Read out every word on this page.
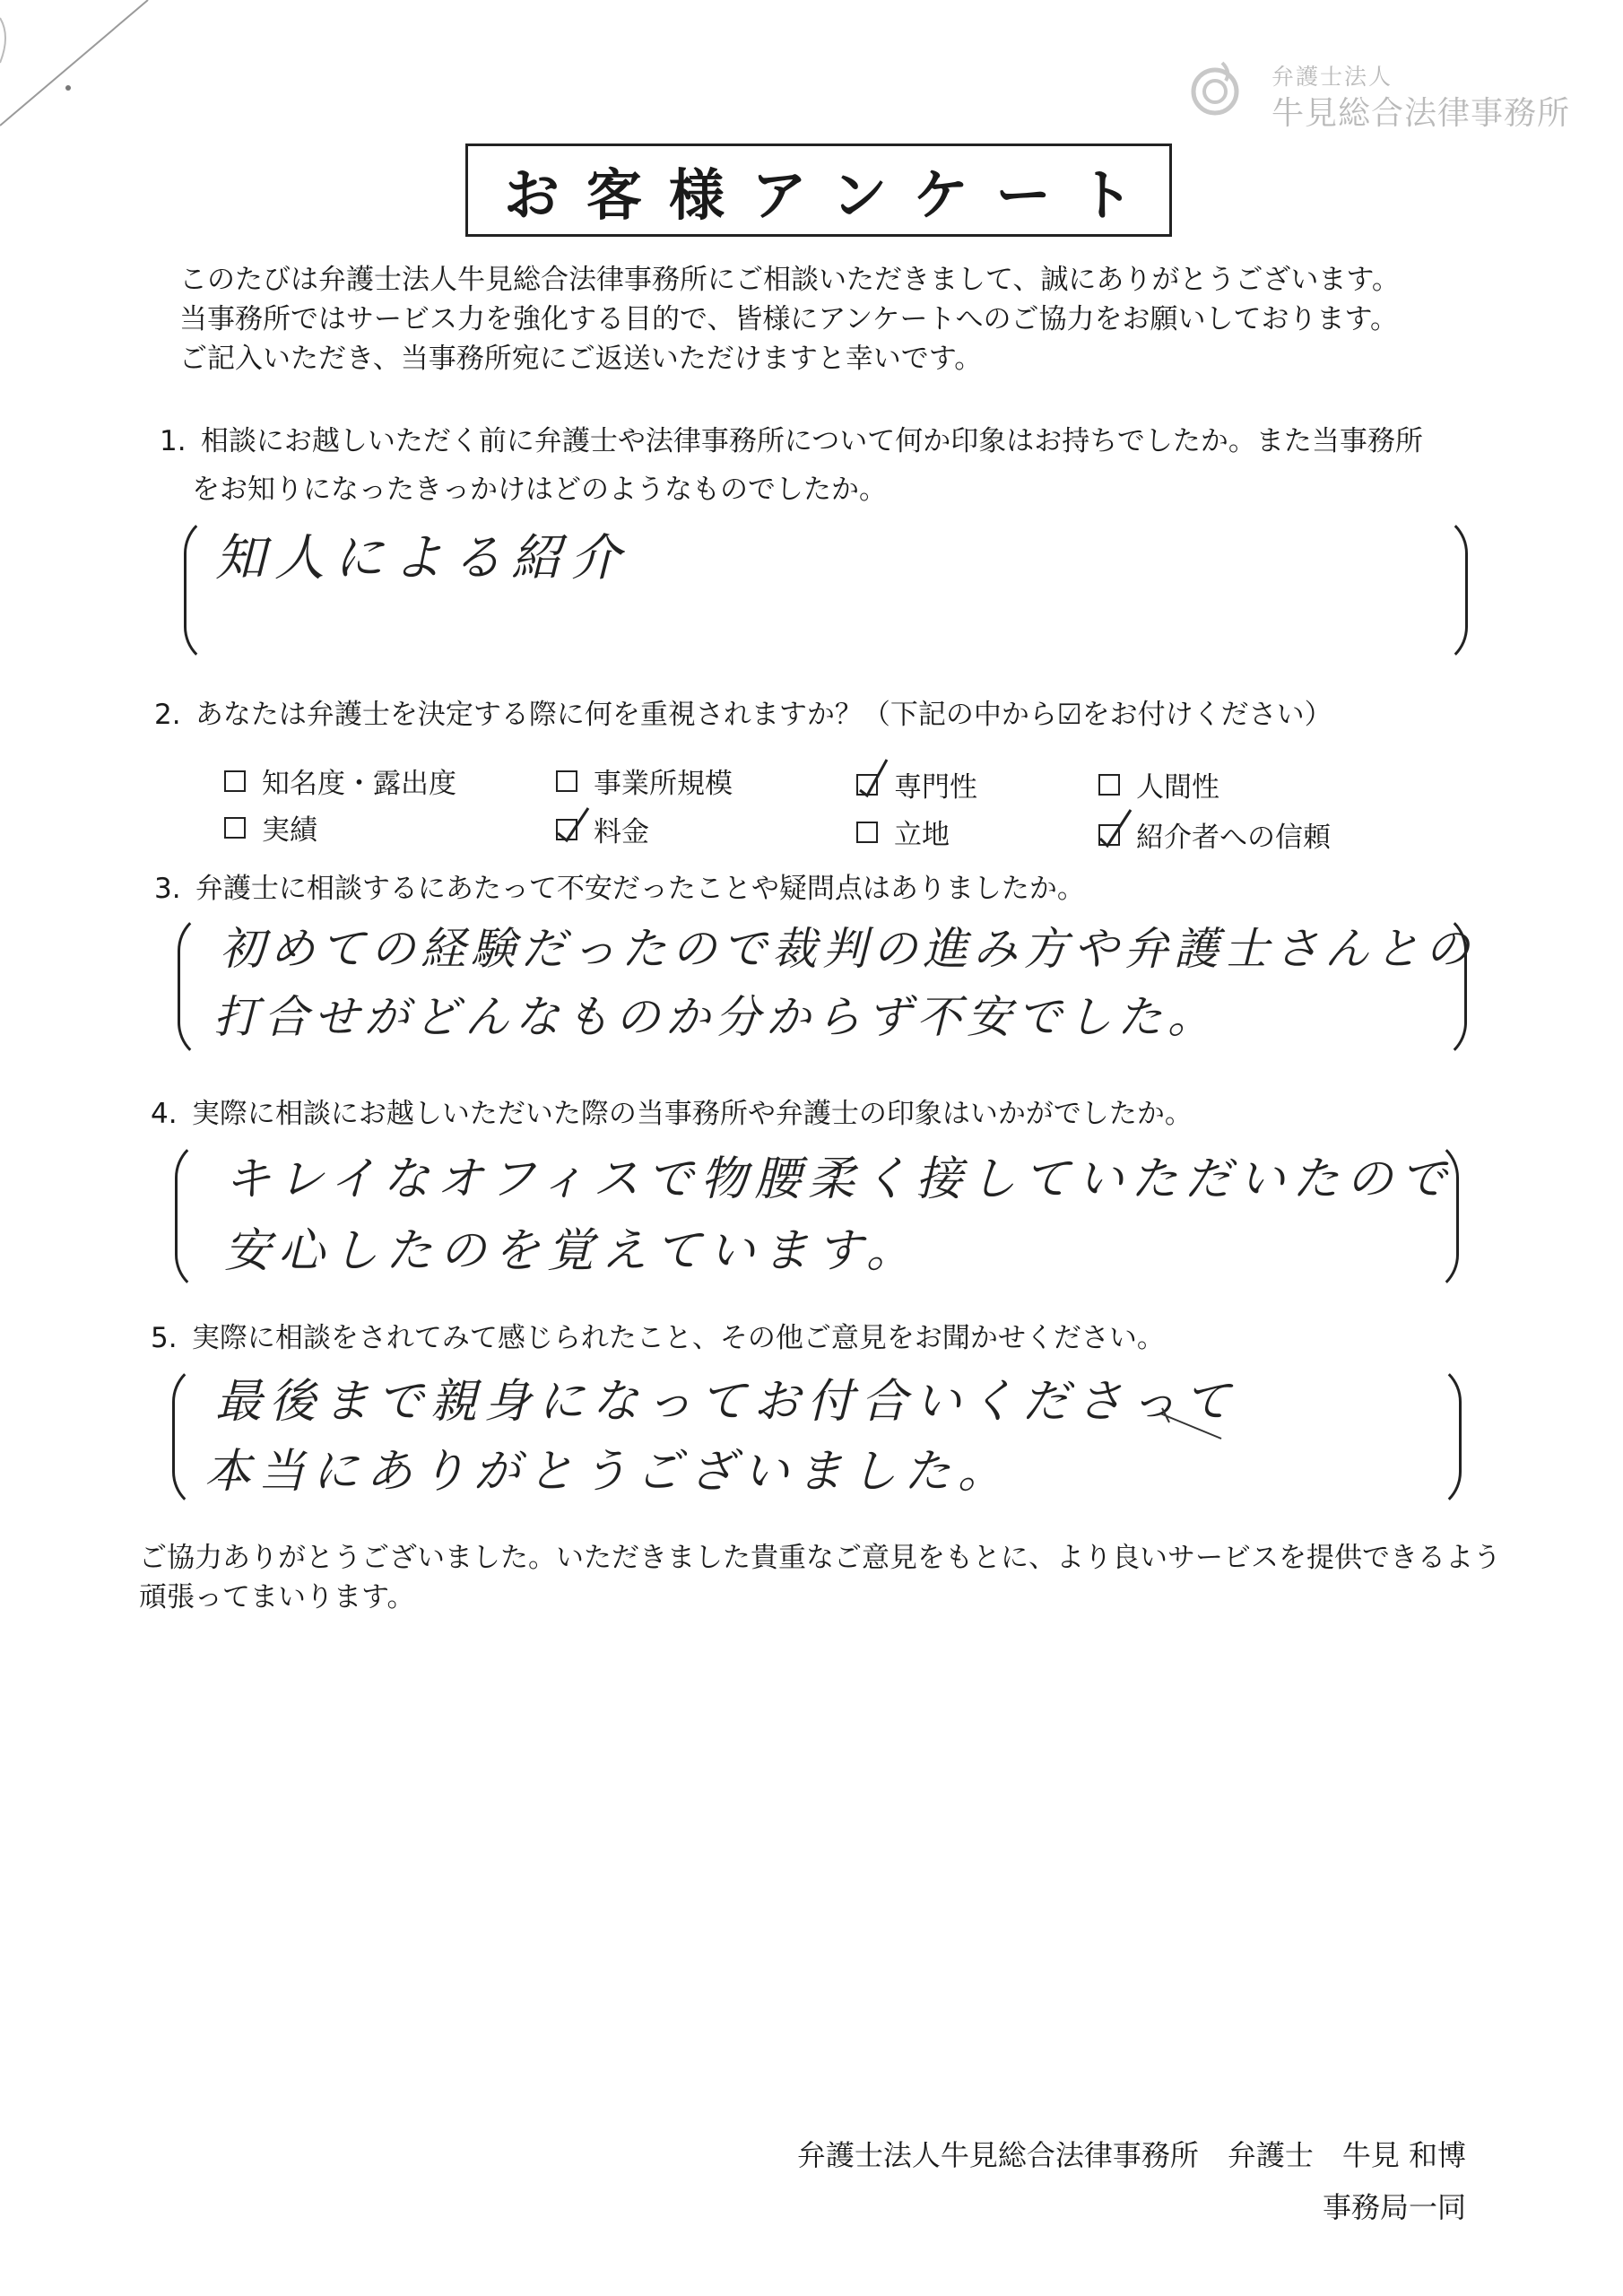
弁護士法人
牛見総合法律事務所
お客様アンケート
このたびは弁護士法人牛見総合法律事務所にご相談いただきまして、誠にありがとうございます。
当事務所ではサービス力を強化する目的で、皆様にアンケートへのご協力をお願いしております。
ご記入いただき、当事務所宛にご返送いただけますと幸いです。
1. 相談にお越しいただく前に弁護士や法律事務所について何か印象はお持ちでしたか。また当事務所
をお知りになったきっかけはどのようなものでしたか。
知人による紹介
2. あなたは弁護士を決定する際に何を重視されますか？（下記の中から☑をお付けください）
知名度・露出度	事業所規模	専門性	人間性
実績	料金	立地	紹介者への信頼
3. 弁護士に相談するにあたって不安だったことや疑問点はありましたか。
初めての経験だったので裁判の進み方や弁護士さんとの
打合せがどんなものか分からず不安でした。
4. 実際に相談にお越しいただいた際の当事務所や弁護士の印象はいかがでしたか。
キレイなオフィスで物腰柔く接していただいたので
安心したのを覚えています。
5. 実際に相談をされてみて感じられたこと、その他ご意見をお聞かせください。
最後まで親身になってお付合いくださって
本当にありがとうございました。
ご協力ありがとうございました。いただきました貴重なご意見をもとに、より良いサービスを提供できるよう
頑張ってまいります。
弁護士法人牛見総合法律事務所　弁護士　牛見 和博
事務局一同
